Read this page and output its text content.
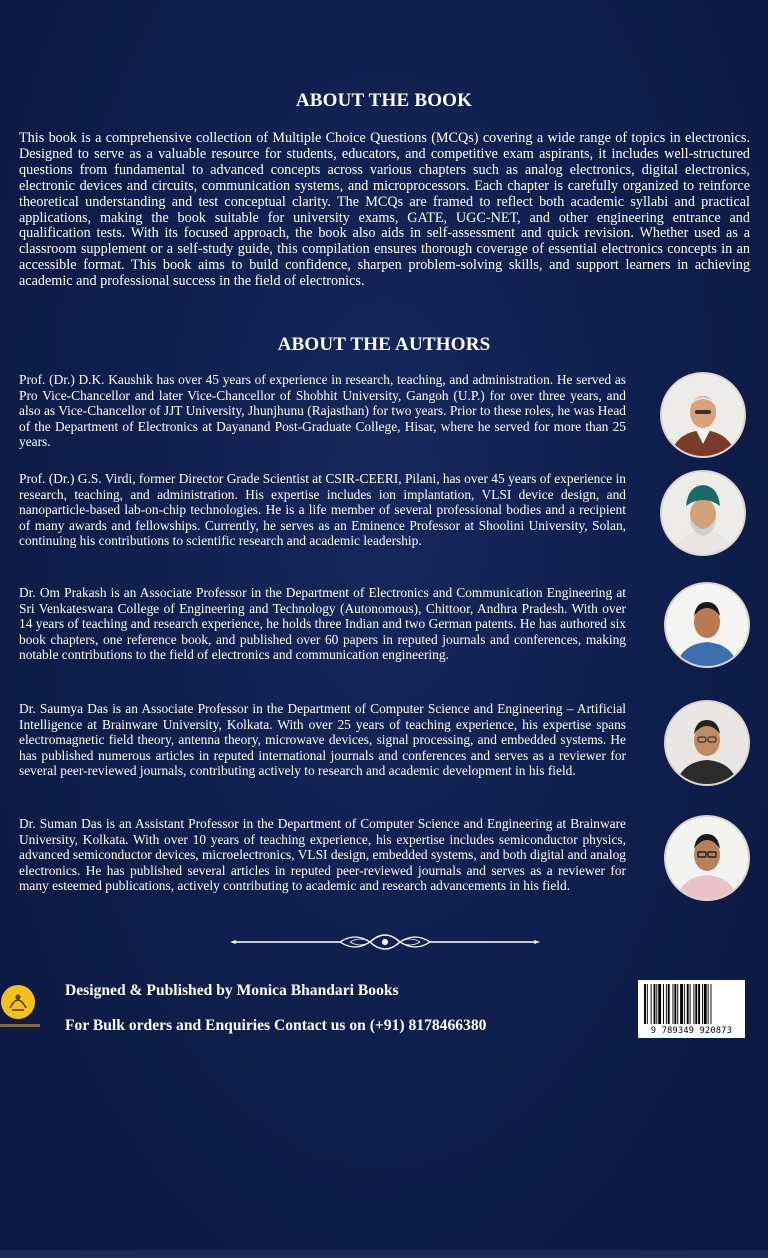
ABOUT THE BOOK
This book is a comprehensive collection of Multiple Choice Questions (MCQs) covering a wide range of topics in electronics. Designed to serve as a valuable resource for students, educators, and competitive exam aspirants, it includes well-structured questions from fundamental to advanced concepts across various chapters such as analog electronics, digital electronics, electronic devices and circuits, communication systems, and microprocessors. Each chapter is carefully organized to reinforce theoretical understanding and test conceptual clarity. The MCQs are framed to reflect both academic syllabi and practical applications, making the book suitable for university exams, GATE, UGC-NET, and other engineering entrance and qualification tests. With its focused approach, the book also aids in self-assessment and quick revision. Whether used as a classroom supplement or a self-study guide, this compilation ensures thorough coverage of essential electronics concepts in an accessible format. This book aims to build confidence, sharpen problem-solving skills, and support learners in achieving academic and professional success in the field of electronics.
ABOUT THE AUTHORS
Prof. (Dr.) D.K. Kaushik has over 45 years of experience in research, teaching, and administration. He served as Pro Vice-Chancellor and later Vice-Chancellor of Shobhit University, Gangoh (U.P.) for over three years, and also as Vice-Chancellor of JJT University, Jhunjhunu (Rajasthan) for two years. Prior to these roles, he was Head of the Department of Electronics at Dayanand Post-Graduate College, Hisar, where he served for more than 25 years.
Prof. (Dr.) G.S. Virdi, former Director Grade Scientist at CSIR-CEERI, Pilani, has over 45 years of experience in research, teaching, and administration. His expertise includes ion implantation, VLSI device design, and nanoparticle-based lab-on-chip technologies. He is a life member of several professional bodies and a recipient of many awards and fellowships. Currently, he serves as an Eminence Professor at Shoolini University, Solan, continuing his contributions to scientific research and academic leadership.
Dr. Om Prakash is an Associate Professor in the Department of Electronics and Communication Engineering at Sri Venkateswara College of Engineering and Technology (Autonomous), Chittoor, Andhra Pradesh. With over 14 years of teaching and research experience, he holds three Indian and two German patents. He has authored six book chapters, one reference book, and published over 60 papers in reputed journals and conferences, making notable contributions to the field of electronics and communication engineering.
Dr. Saumya Das is an Associate Professor in the Department of Computer Science and Engineering – Artificial Intelligence at Brainware University, Kolkata. With over 25 years of teaching experience, his expertise spans electromagnetic field theory, antenna theory, microwave devices, signal processing, and embedded systems. He has published numerous articles in reputed international journals and conferences and serves as a reviewer for several peer-reviewed journals, contributing actively to research and academic development in his field.
Dr. Suman Das is an Assistant Professor in the Department of Computer Science and Engineering at Brainware University, Kolkata. With over 10 years of teaching experience, his expertise includes semiconductor physics, advanced semiconductor devices, microelectronics, VLSI design, embedded systems, and both digital and analog electronics. He has published several articles in reputed peer-reviewed journals and serves as a reviewer for many esteemed publications, actively contributing to academic and research advancements in his field.
Designed & Published by Monica Bhandari Books
For Bulk orders and Enquiries Contact us on (+91) 8178466380	9 789349 920873
